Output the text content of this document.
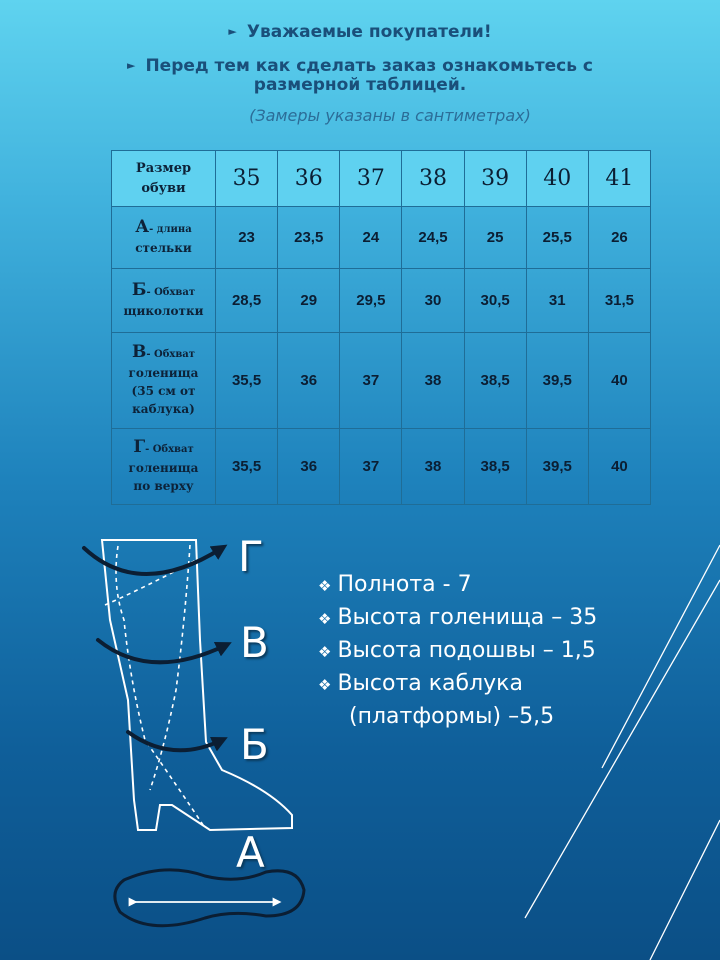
► Уважаемые покупатели!
► Перед тем как сделать заказ ознакомьтесь с
размерной таблицей.
(Замеры указаны в сантиметрах)
Размер
обуви	35	36	37	38	39	40	41
А- длина
стельки	23	23,5	24	24,5	25	25,5	26
Б- Обхват
щиколотки	28,5	29	29,5	30	30,5	31	31,5
В- Обхват
голенища
(35 см от
каблука)	35,5	36	37	38	38,5	39,5	40
Г- Обхват
голенища
по верху	35,5	36	37	38	38,5	39,5	40
Г
В
Б
А
❖ Полнота - 7
❖ Высота голенища – 35
❖ Высота подошвы – 1,5
❖ Высота каблука
(платформы) –5,5
